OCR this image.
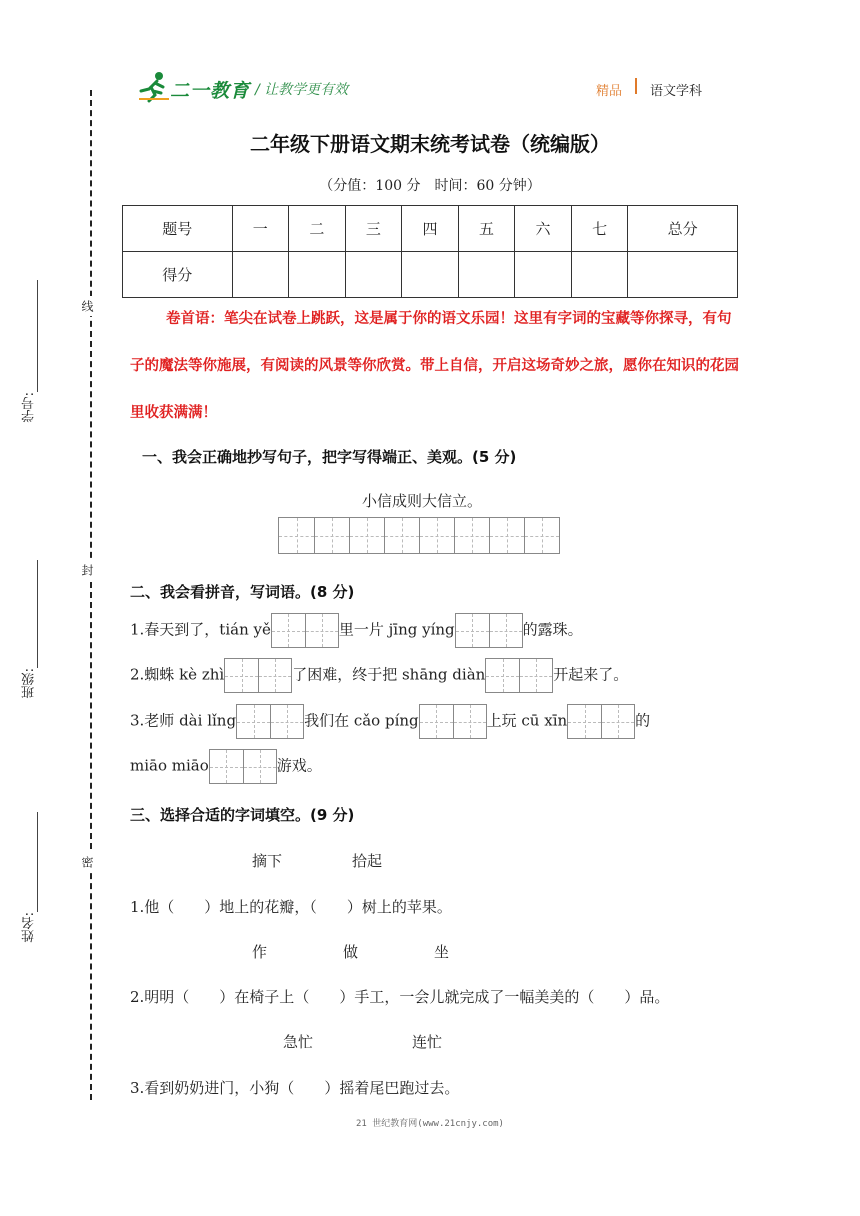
二一教育 / 让教学更有效	精品 语文学科
二年级下册语文期末统考试卷（统编版）
（分值：100 分　时间：60 分钟）
题号	一	二	三	四	五	六	七	总分
得分								
线
封
密
学号:
班级:
姓名:
卷首语：笔尖在试卷上跳跃，这是属于你的语文乐园！这里有字词的宝藏等你探寻，有句子的魔法等你施展，有阅读的风景等你欣赏。带上自信，开启这场奇妙之旅，愿你在知识的花园里收获满满！
一、我会正确地抄写句子，把字写得端正、美观。(5 分)
小信成则大信立。
二、我会看拼音，写词语。(8 分)
1.春天到了，tián yě	里一片 jīng yíng	的露珠。
2.蜘蛛 kè zhì	了困难，终于把 shāng diàn	开起来了。
3.老师 dài lǐng	我们在 cǎo píng	上玩 cū xīn	的
miāo miāo	游戏。
三、选择合适的字词填空。(9 分)
摘下	拾起
1.他（　　）地上的花瓣，（　　）树上的苹果。
作	做	坐
2.明明（　　）在椅子上（　　）手工，一会儿就完成了一幅美美的（　　）品。
急忙	连忙
3.看到奶奶进门，小狗（　　）摇着尾巴跑过去。
21 世纪教育网(www.21cnjy.com)
